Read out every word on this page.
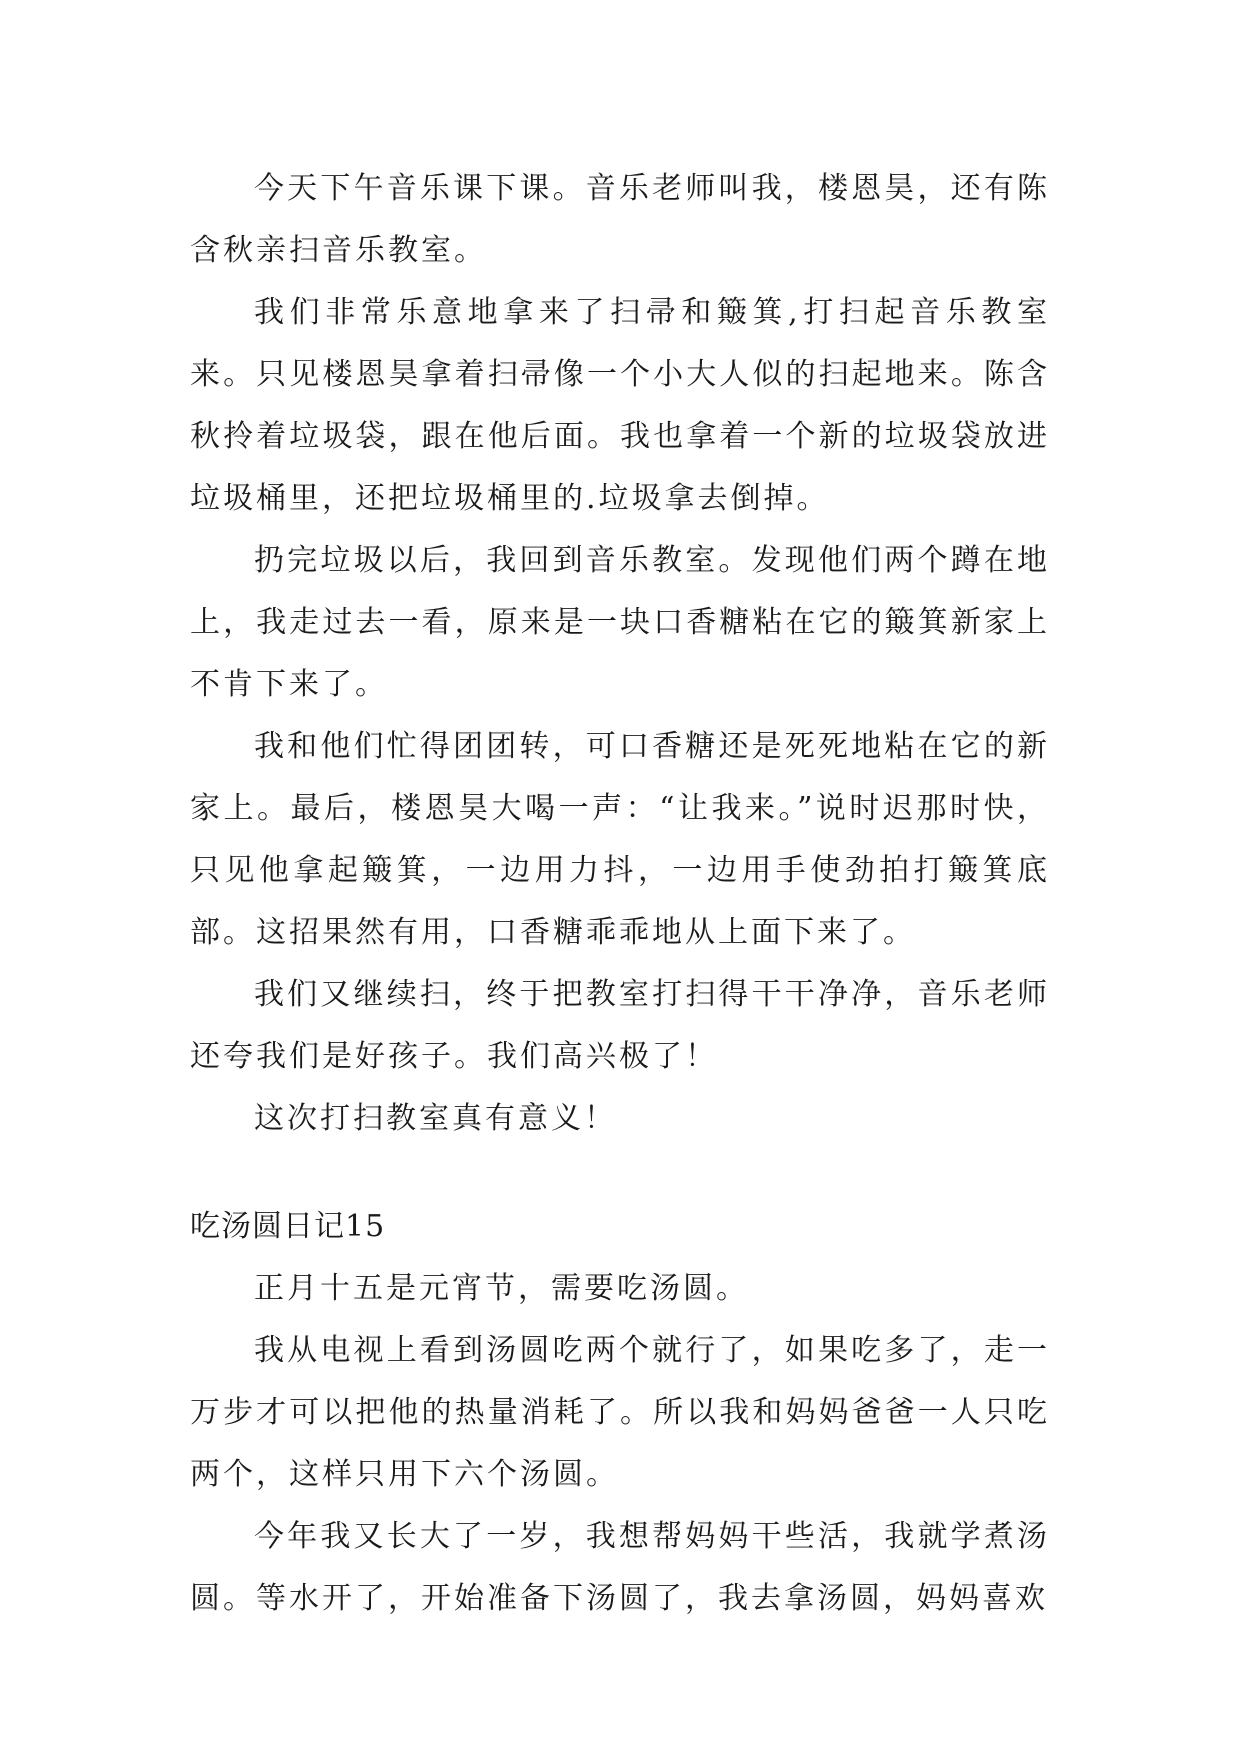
今天下午音乐课下课。音乐老师叫我，楼恩昊，还有陈含秋亲扫音乐教室。

我们非常乐意地拿来了扫帚和簸箕,打扫起音乐教室来。只见楼恩昊拿着扫帚像一个小大人似的扫起地来。陈含秋拎着垃圾袋，跟在他后面。我也拿着一个新的垃圾袋放进垃圾桶里，还把垃圾桶里的.垃圾拿去倒掉。

扔完垃圾以后，我回到音乐教室。发现他们两个蹲在地上，我走过去一看，原来是一块口香糖粘在它的簸箕新家上不肯下来了。

我和他们忙得团团转，可口香糖还是死死地粘在它的新家上。最后，楼恩昊大喝一声：“让我来。”说时迟那时快，只见他拿起簸箕，一边用力抖，一边用手使劲拍打簸箕底部。这招果然有用，口香糖乖乖地从上面下来了。

我们又继续扫，终于把教室打扫得干干净净，音乐老师还夸我们是好孩子。我们高兴极了！

这次打扫教室真有意义！

吃汤圆日记15

正月十五是元宵节，需要吃汤圆。

我从电视上看到汤圆吃两个就行了，如果吃多了，走一万步才可以把他的热量消耗了。所以我和妈妈爸爸一人只吃两个，这样只用下六个汤圆。

今年我又长大了一岁，我想帮妈妈干些活，我就学煮汤圆。等水开了，开始准备下汤圆了，我去拿汤圆，妈妈喜欢
